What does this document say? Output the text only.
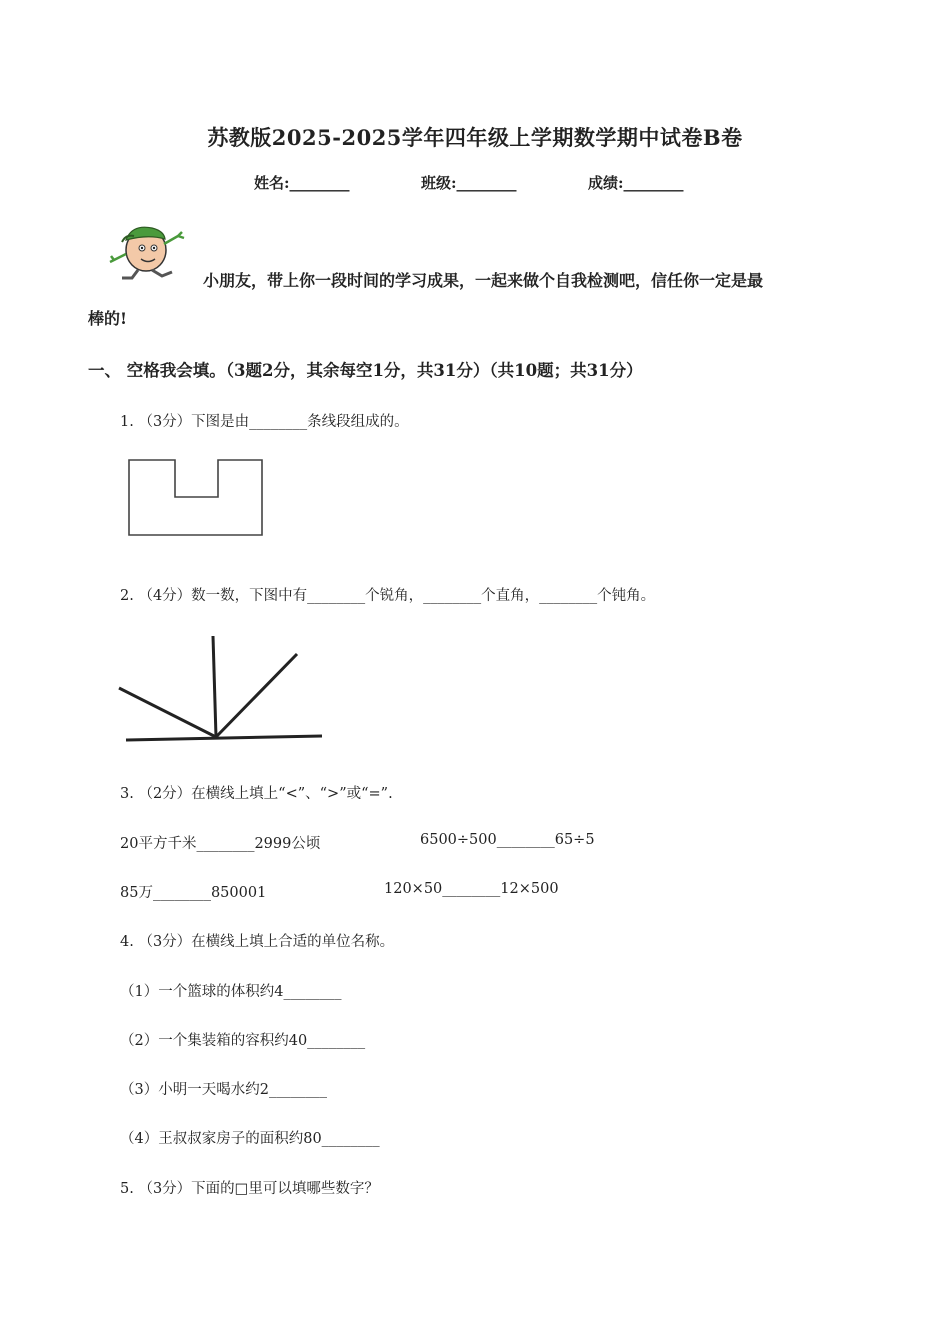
苏教版2025-2025学年四年级上学期数学期中试卷B卷
姓名:________	班级:________	成绩:________
小朋友，带上你一段时间的学习成果，一起来做个自我检测吧，信任你一定是最
棒的!
一、 空格我会填。（3题2分，其余每空1分，共31分）（共10题；共31分）
1. （3分）下图是由________条线段组成的。
2. （4分）数一数，下图中有________个锐角，________个直角，________个钝角。
3. （2分）在横线上填上“<”、“>”或“=”.
20平方千米________2999公顷	6500÷500________65÷5
85万________850001	120×50________12×500
4. （3分）在横线上填上合适的单位名称。
（1）一个篮球的体积约4________
（2）一个集装箱的容积约40________
（3）小明一天喝水约2________
（4）王叔叔家房子的面积约80________
5. （3分）下面的□里可以填哪些数字？
